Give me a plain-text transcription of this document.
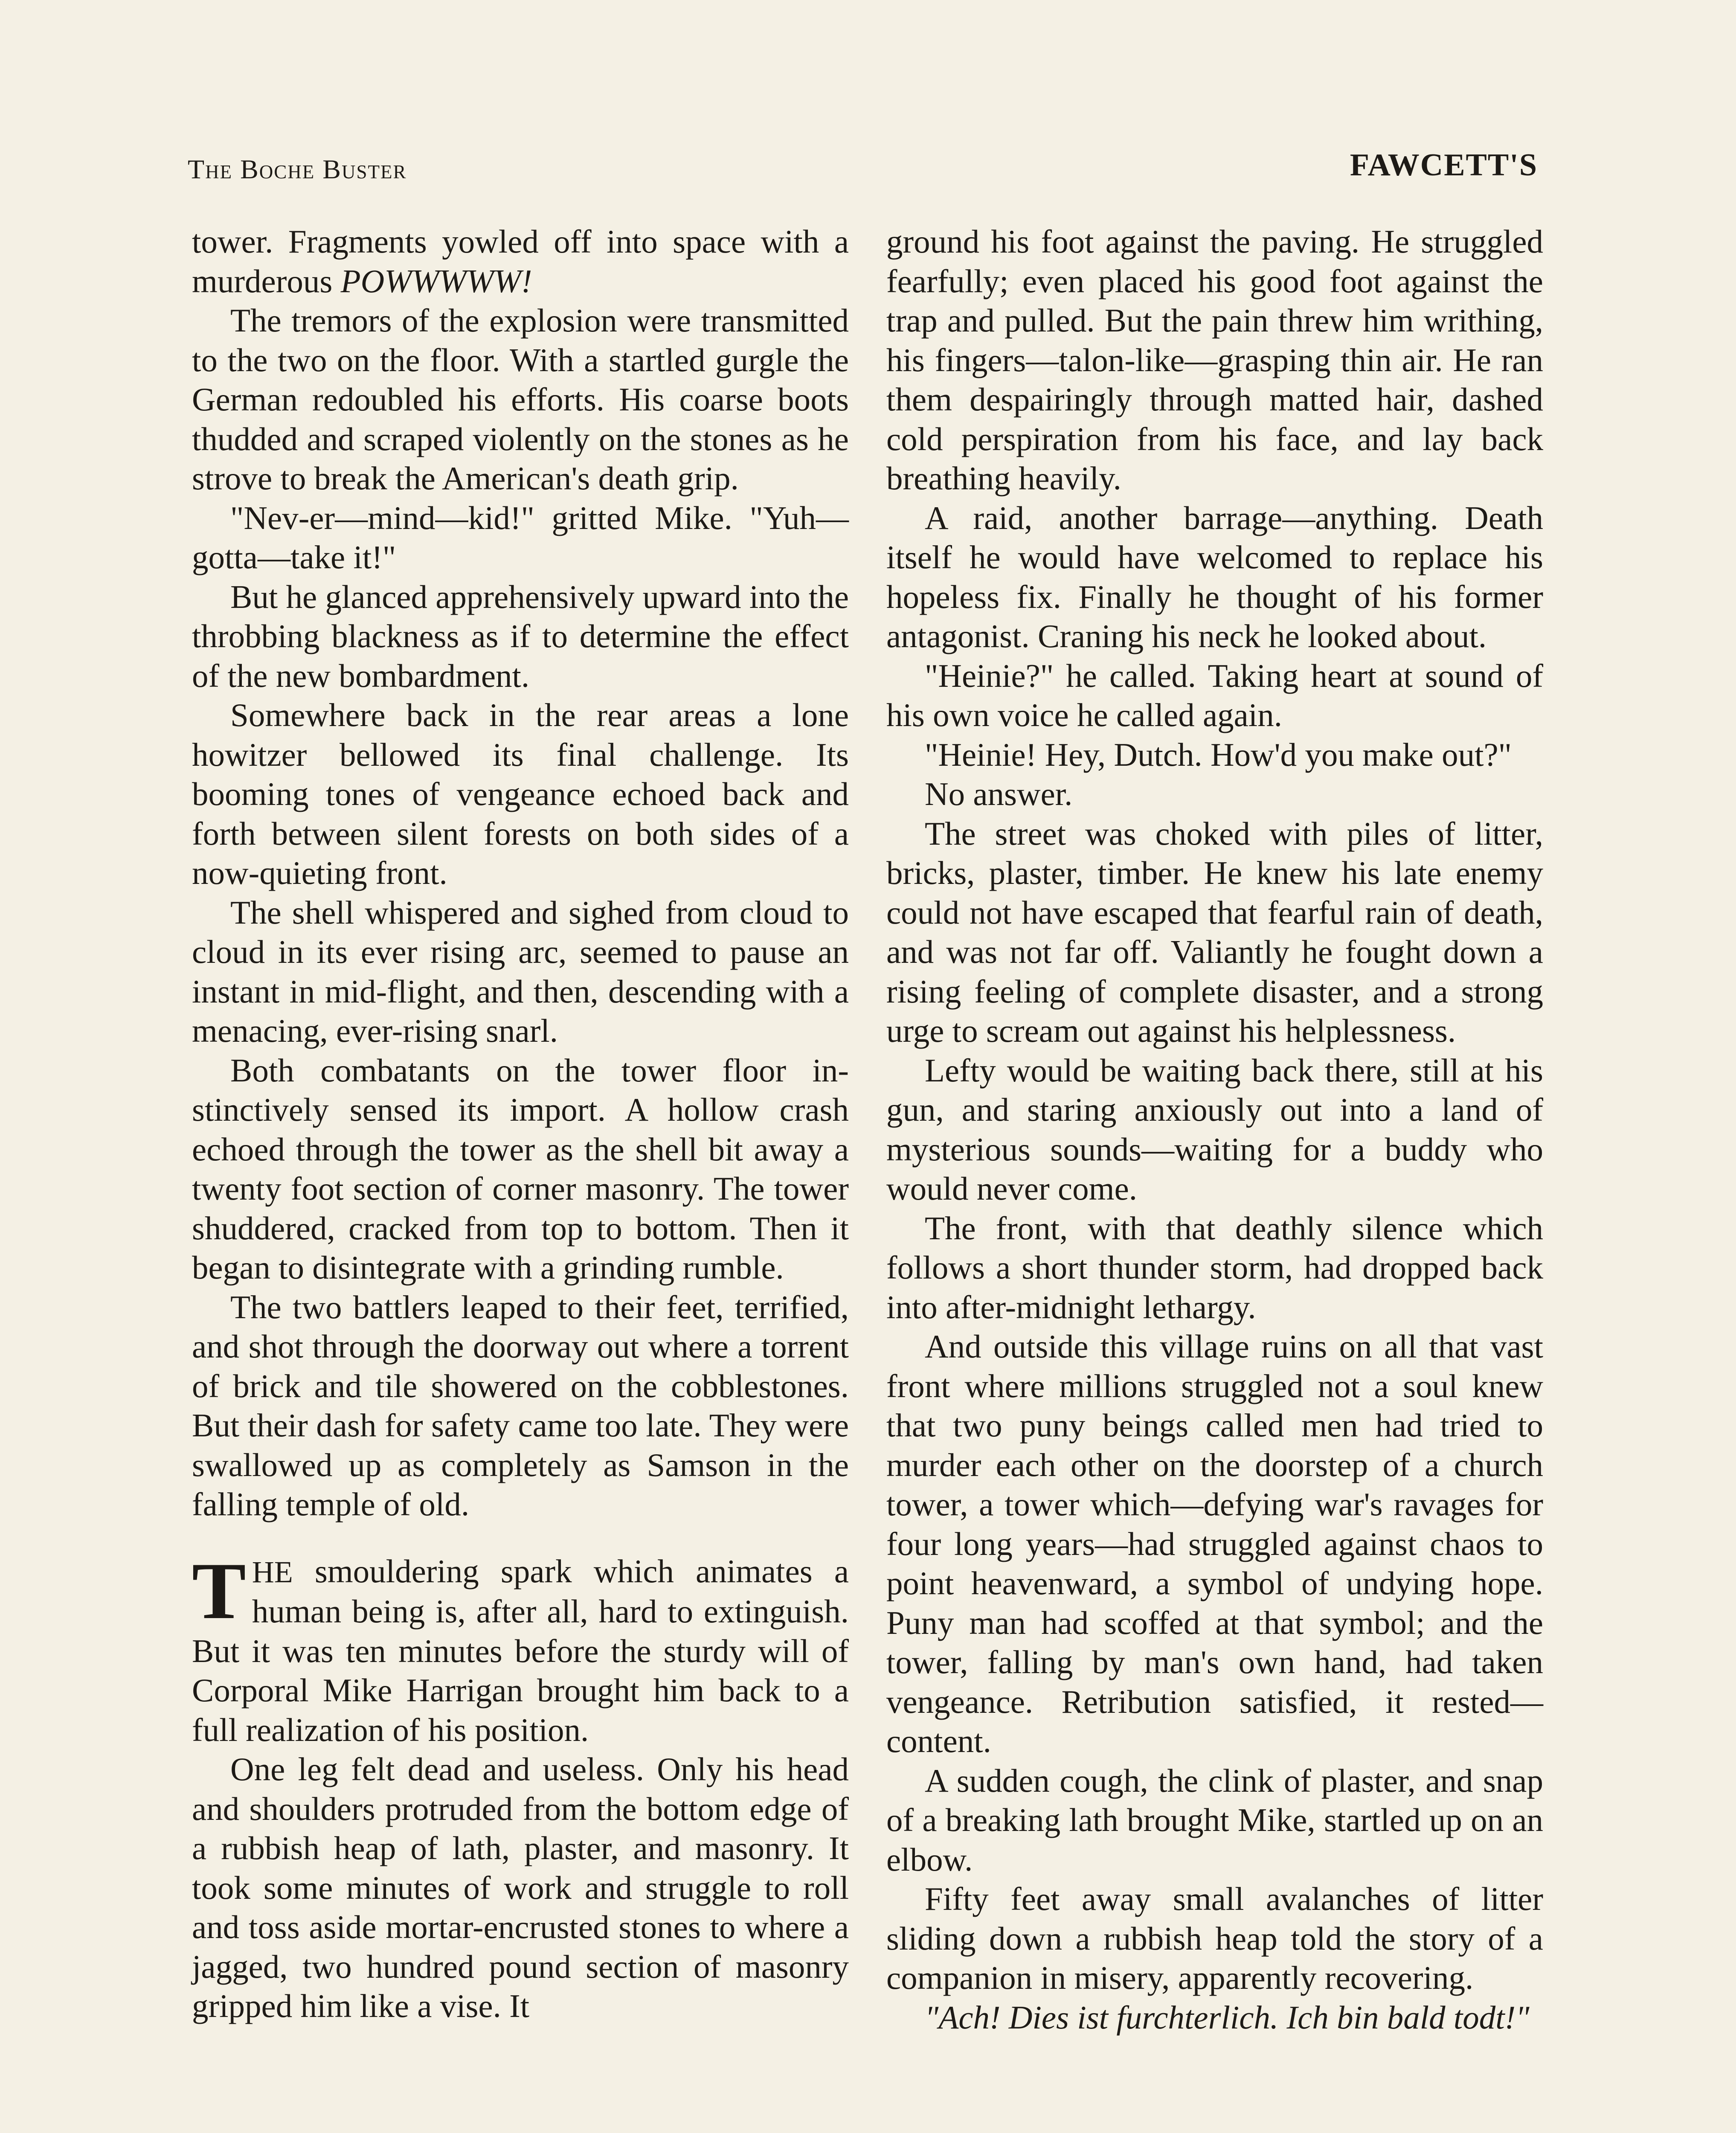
The Boche Buster	FAWCETT'S

tower. Fragments yowled off into space with a murderous POWWWWW!

The tremors of the explosion were transmitted to the two on the floor. With a startled gurgle the German redoubled his efforts. His coarse boots thudded and scraped violently on the stones as he strove to break the American's death grip.

"Nev-er—mind—kid!" gritted Mike. "Yuh—gotta—take it!"

But he glanced apprehensively upward into the throbbing blackness as if to determine the effect of the new bombardment.

Somewhere back in the rear areas a lone howitzer bellowed its final challenge. Its booming tones of vengeance echoed back and forth between silent forests on both sides of a now-quieting front.

The shell whispered and sighed from cloud to cloud in its ever rising arc, seemed to pause an instant in mid-flight, and then, descending with a menacing, ever-rising snarl.

Both combatants on the tower floor instinctively sensed its import. A hollow crash echoed through the tower as the shell bit away a twenty foot section of corner masonry. The tower shuddered, cracked from top to bottom. Then it began to disintegrate with a grinding rumble.

The two battlers leaped to their feet, terrified, and shot through the doorway out where a torrent of brick and tile showered on the cobblestones. But their dash for safety came too late. They were swallowed up as completely as Samson in the falling temple of old.

THE smouldering spark which animates a human being is, after all, hard to extinguish. But it was ten minutes before the sturdy will of Corporal Mike Harrigan brought him back to a full realization of his position.

One leg felt dead and useless. Only his head and shoulders protruded from the bottom edge of a rubbish heap of lath, plaster, and masonry. It took some minutes of work and struggle to roll and toss aside mortar-encrusted stones to where a jagged, two hundred pound section of masonry gripped him like a vise. It

ground his foot against the paving. He struggled fearfully; even placed his good foot against the trap and pulled. But the pain threw him writhing, his fingers—talon-like—grasping thin air. He ran them despairingly through matted hair, dashed cold perspiration from his face, and lay back breathing heavily.

A raid, another barrage—anything. Death itself he would have welcomed to replace his hopeless fix. Finally he thought of his former antagonist. Craning his neck he looked about.

"Heinie?" he called. Taking heart at sound of his own voice he called again.

"Heinie! Hey, Dutch. How'd you make out?"

No answer.

The street was choked with piles of litter, bricks, plaster, timber. He knew his late enemy could not have escaped that fearful rain of death, and was not far off. Valiantly he fought down a rising feeling of complete disaster, and a strong urge to scream out against his helplessness.

Lefty would be waiting back there, still at his gun, and staring anxiously out into a land of mysterious sounds—waiting for a buddy who would never come.

The front, with that deathly silence which follows a short thunder storm, had dropped back into after-midnight lethargy.

And outside this village ruins on all that vast front where millions struggled not a soul knew that two puny beings called men had tried to murder each other on the doorstep of a church tower, a tower which—defying war's ravages for four long years—had struggled against chaos to point heavenward, a symbol of undying hope. Puny man had scoffed at that symbol; and the tower, falling by man's own hand, had taken vengeance. Retribution satisfied, it rested—content.

A sudden cough, the clink of plaster, and snap of a breaking lath brought Mike, startled up on an elbow.

Fifty feet away small avalanches of litter sliding down a rubbish heap told the story of a companion in misery, apparently recovering.

"Ach! Dies ist furchterlich. Ich bin bald todt!"
